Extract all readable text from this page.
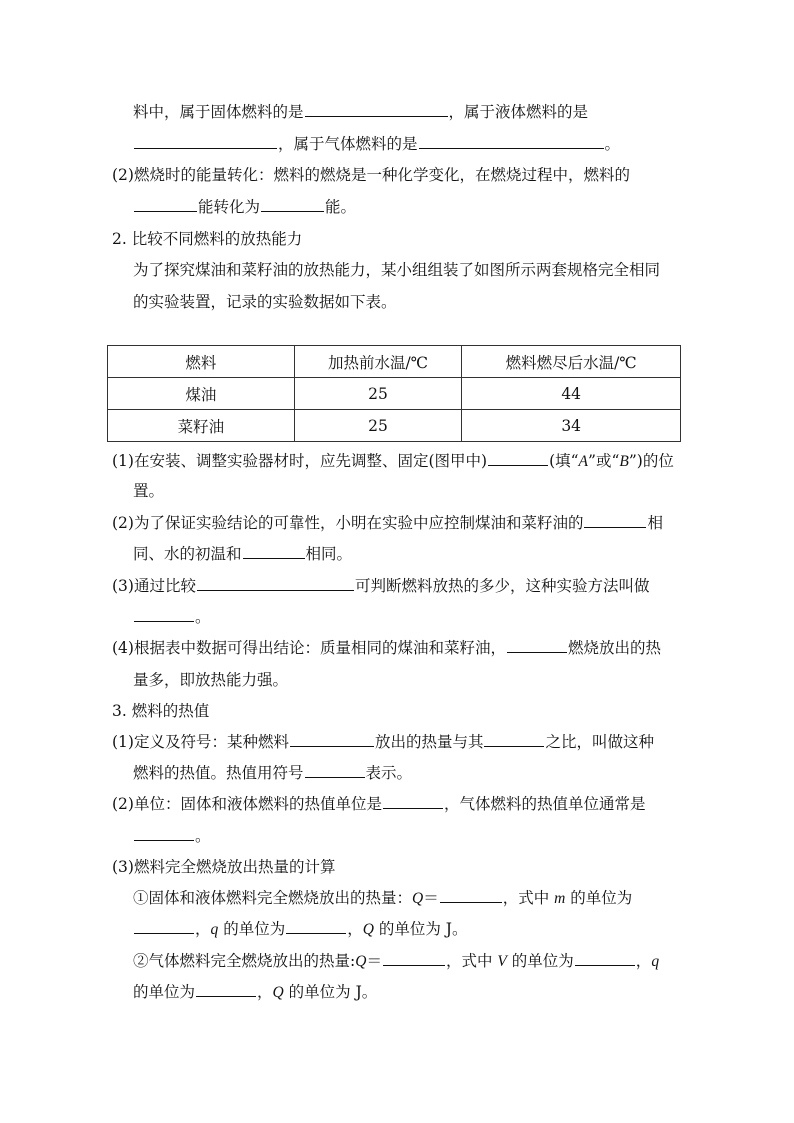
料中，属于固体燃料的是	，属于液体燃料的是
，属于气体燃料的是	。
(2)燃烧时的能量转化：燃料的燃烧是一种化学变化，在燃烧过程中，燃料的
能转化为	能。
2. 比较不同燃料的放热能力
为了探究煤油和菜籽油的放热能力，某小组组装了如图所示两套规格完全相同
的实验装置，记录的实验数据如下表。
燃料	加热前水温/℃	燃料燃尽后水温/℃
煤油	25	44
菜籽油	25	34
(1)在安装、调整实验器材时，应先调整、固定(图甲中)	(填“A”或“B”)的位
置。
(2)为了保证实验结论的可靠性，小明在实验中应控制煤油和菜籽油的	相
同、水的初温和	相同。
(3)通过比较	可判断燃料放热的多少，这种实验方法叫做
。
(4)根据表中数据可得出结论：质量相同的煤油和菜籽油，	燃烧放出的热
量多，即放热能力强。
3. 燃料的热值
(1)定义及符号：某种燃料	放出的热量与其	之比，叫做这种
燃料的热值。热值用符号	表示。
(2)单位：固体和液体燃料的热值单位是	，气体燃料的热值单位通常是
。
(3)燃料完全燃烧放出热量的计算
①固体和液体燃料完全燃烧放出的热量：Q＝	，式中 m 的单位为
，q 的单位为	，Q 的单位为 J。
②气体燃料完全燃烧放出的热量:Q＝	，式中 V 的单位为	，q
的单位为	，Q 的单位为 J。
